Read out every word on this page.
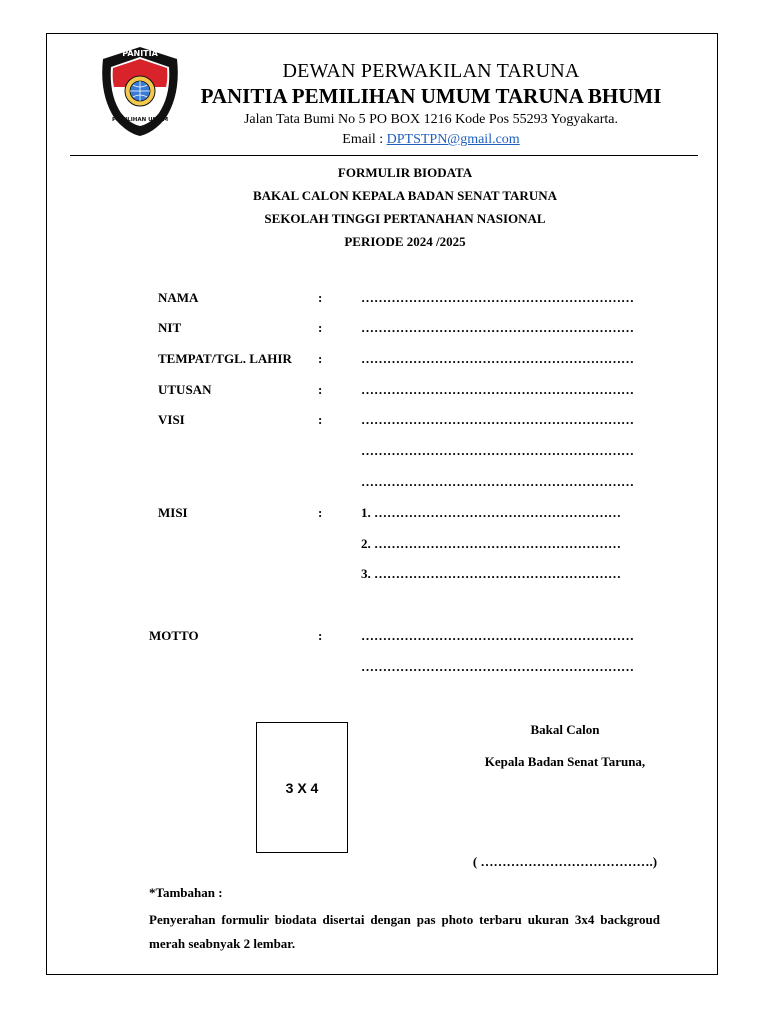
PANITIA
PEMILIHAN UMUM
DEWAN PERWAKILAN TARUNA
PANITIA PEMILIHAN UMUM TARUNA BHUMI
Jalan Tata Bumi No 5 PO BOX 1216 Kode Pos 55293 Yogyakarta.
Email : DPTSTPN@gmail.com
FORMULIR BIODATA
BAKAL CALON KEPALA BADAN SENAT TARUNA
SEKOLAH TINGGI PERTANAHAN NASIONAL
PERIODE 2024 /2025
NAMA	:	………………………………………………………
NIT	:	………………………………………………………
TEMPAT/TGL. LAHIR :	………………………………………………………
UTUSAN	:	………………………………………………………
VISI	:	………………………………………………………
………………………………………………………
………………………………………………………
MISI	:	1. …………………………………………………
2. …………………………………………………
3. …………………………………………………
MOTTO	:	………………………………………………………
………………………………………………………
3 X 4
Bakal Calon
Kepala Badan Senat Taruna,
( ………………………………….)
*Tambahan :
Penyerahan formulir biodata disertai dengan pas photo terbaru ukuran 3x4 backgroud merah seabnyak 2 lembar.
